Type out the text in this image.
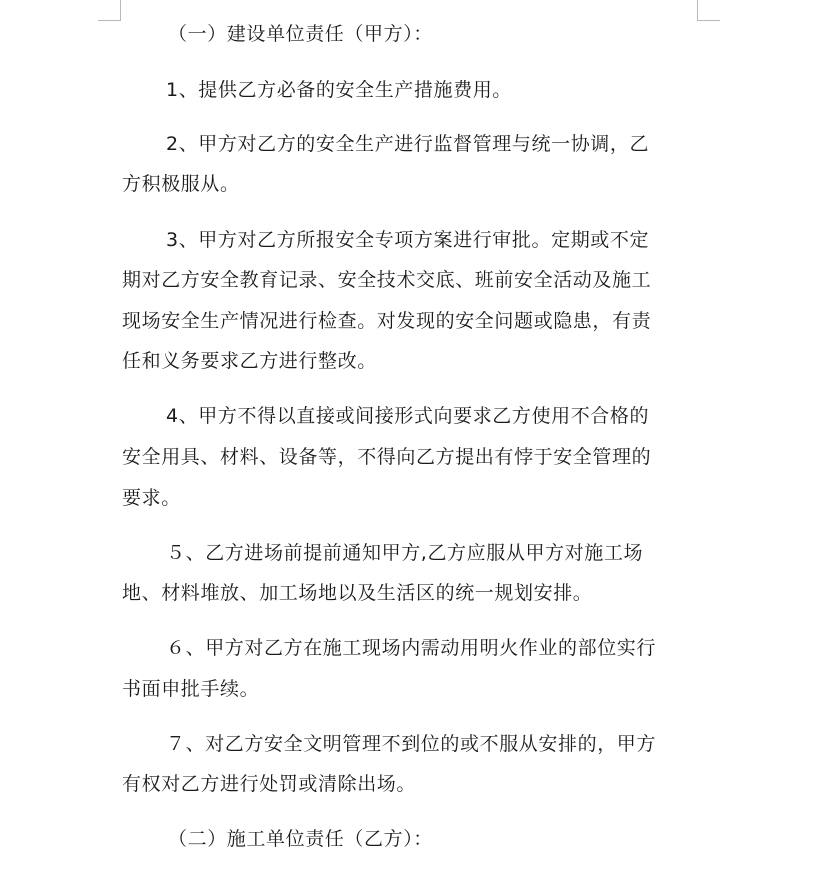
（一）建设单位责任（甲方）：
1、提供乙方必备的安全生产措施费用。
2、甲方对乙方的安全生产进行监督管理与统一协调，乙
方积极服从。
3、甲方对乙方所报安全专项方案进行审批。定期或不定
期对乙方安全教育记录、安全技术交底、班前安全活动及施工
现场安全生产情况进行检查。对发现的安全问题或隐患，有责
任和义务要求乙方进行整改。
4、甲方不得以直接或间接形式向要求乙方使用不合格的
安全用具、材料、设备等，不得向乙方提出有悖于安全管理的
要求。
５、乙方进场前提前通知甲方,乙方应服从甲方对施工场
地、材料堆放、加工场地以及生活区的统一规划安排。
６、甲方对乙方在施工现场内需动用明火作业的部位实行
书面申批手续。
７、对乙方安全文明管理不到位的或不服从安排的，甲方
有权对乙方进行处罚或清除出场。
（二）施工单位责任（乙方）：
